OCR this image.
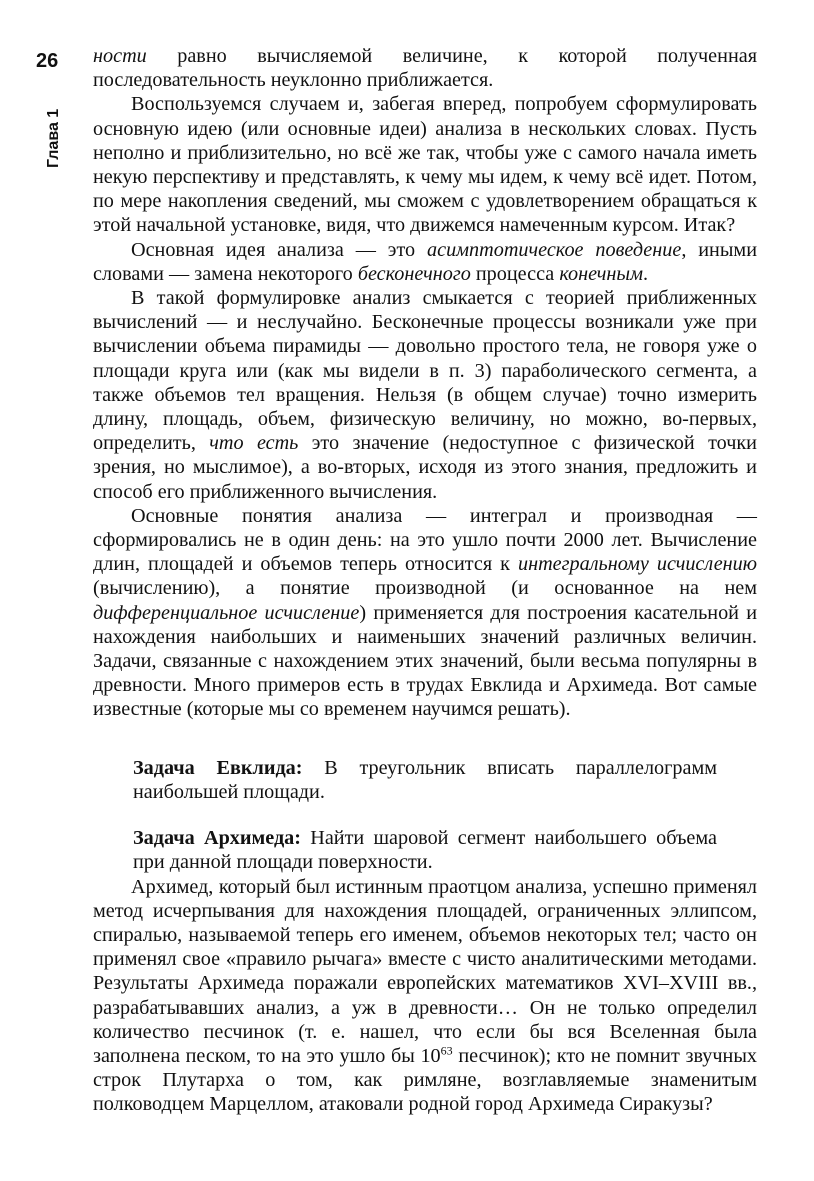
26
Глава 1

ности равно вычисляемой величине, к которой полученная последовательность неуклонно приближается.

Воспользуемся случаем и, забегая вперед, попробуем сформулировать основную идею (или основные идеи) анализа в нескольких словах. Пусть неполно и приблизительно, но всё же так, чтобы уже с самого начала иметь некую перспективу и представлять, к чему мы идем, к чему всё идет. Потом, по мере накопления сведений, мы сможем с удовлетворением обращаться к этой начальной установке, видя, что движемся намеченным курсом. Итак?

Основная идея анализа — это асимптотическое поведение, иными словами — замена некоторого бесконечного процесса конечным.

В такой формулировке анализ смыкается с теорией приближенных вычислений — и неслучайно. Бесконечные процессы возникали уже при вычислении объема пирамиды — довольно простого тела, не говоря уже о площади круга или (как мы видели в п. 3) параболического сегмента, а также объемов тел вращения. Нельзя (в общем случае) точно измерить длину, площадь, объем, физическую величину, но можно, во-первых, определить, что есть это значение (недоступное с физической точки зрения, но мыслимое), а во-вторых, исходя из этого знания, предложить и способ его приближенного вычисления.

Основные понятия анализа — интеграл и производная — сформировались не в один день: на это ушло почти 2000 лет. Вычисление длин, площадей и объемов теперь относится к интегральному исчислению (вычислению), а понятие производной (и основанное на нем дифференциальное исчисление) применяется для построения касательной и нахождения наибольших и наименьших значений различных величин. Задачи, связанные с нахождением этих значений, были весьма популярны в древности. Много примеров есть в трудах Евклида и Архимеда. Вот самые известные (которые мы со временем научимся решать).

Задача Евклида: В треугольник вписать параллелограмм наибольшей площади.

Задача Архимеда: Найти шаровой сегмент наибольшего объема при данной площади поверхности.

Архимед, который был истинным праотцом анализа, успешно применял метод исчерпывания для нахождения площадей, ограниченных эллипсом, спиралью, называемой теперь его именем, объемов некоторых тел; часто он применял свое «правило рычага» вместе с чисто аналитическими методами. Результаты Архимеда поражали европейских математиков XVI–XVIII вв., разрабатывавших анализ, а уж в древности… Он не только определил количество песчинок (т. е. нашел, что если бы вся Вселенная была заполнена песком, то на это ушло бы $10^{63}$ песчинок); кто не помнит звучных строк Плутарха о том, как римляне, возглавляемые знаменитым полководцем Марцеллом, атаковали родной город Архимеда Сиракузы?
